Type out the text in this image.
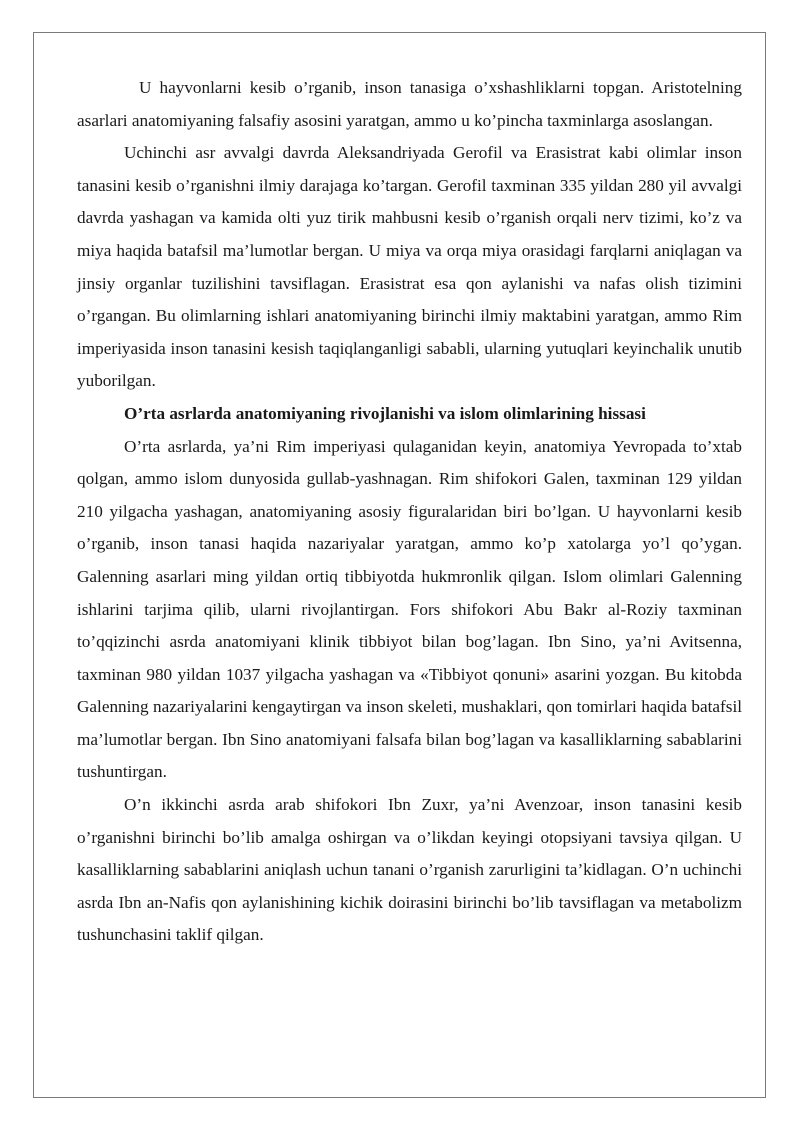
U hayvonlarni kesib o’rganib, inson tanasiga o’xshashliklarni topgan. Aristotelning asarlari anatomiyaning falsafiy asosini yaratgan, ammo u ko’pincha taxminlarga asoslangan.

Uchinchi asr avvalgi davrda Aleksandriyada Gerofil va Erasistrat kabi olimlar inson tanasini kesib o’rganishni ilmiy darajaga ko’targan. Gerofil taxminan 335 yildan 280 yil avvalgi davrda yashagan va kamida olti yuz tirik mahbusni kesib o’rganish orqali nerv tizimi, ko’z va miya haqida batafsil ma’lumotlar bergan. U miya va orqa miya orasidagi farqlarni aniqlagan va jinsiy organlar tuzilishini tavsiflagan. Erasistrat esa qon aylanishi va nafas olish tizimini o’rgangan. Bu olimlarning ishlari anatomiyaning birinchi ilmiy maktabini yaratgan, ammo Rim imperiyasida inson tanasini kesish taqiqlanganligi sababli, ularning yutuqlari keyinchalik unutib yuborilgan.

O’rta asrlarda anatomiyaning rivojlanishi va islom olimlarining hissasi

O’rta asrlarda, ya’ni Rim imperiyasi qulaganidan keyin, anatomiya Yevropada to’xtab qolgan, ammo islom dunyosida gullab-yashnagan. Rim shifokori Galen, taxminan 129 yildan 210 yilgacha yashagan, anatomiyaning asosiy figuralaridan biri bo’lgan. U hayvonlarni kesib o’rganib, inson tanasi haqida nazariyalar yaratgan, ammo ko’p xatolarga yo’l qo’ygan. Galenning asarlari ming yildan ortiq tibbiyotda hukmronlik qilgan. Islom olimlari Galenning ishlarini tarjima qilib, ularni rivojlantirgan. Fors shifokori Abu Bakr al-Roziy taxminan to’qqizinchi asrda anatomiyani klinik tibbiyot bilan bog’lagan. Ibn Sino, ya’ni Avitsenna, taxminan 980 yildan 1037 yilgacha yashagan va «Tibbiyot qonuni» asarini yozgan. Bu kitobda Galenning nazariyalarini kengaytirgan va inson skeleti, mushaklari, qon tomirlari haqida batafsil ma’lumotlar bergan. Ibn Sino anatomiyani falsafa bilan bog’lagan va kasalliklarning sabablarini tushuntirgan.

O’n ikkinchi asrda arab shifokori Ibn Zuxr, ya’ni Avenzoar, inson tanasini kesib o’rganishni birinchi bo’lib amalga oshirgan va o’likdan keyingi otopsiyani tavsiya qilgan. U kasalliklarning sabablarini aniqlash uchun tanani o’rganish zarurligini ta’kidlagan. O’n uchinchi asrda Ibn an-Nafis qon aylanishining kichik doirasini birinchi bo’lib tavsiflagan va metabolizm tushunchasini taklif qilgan.
